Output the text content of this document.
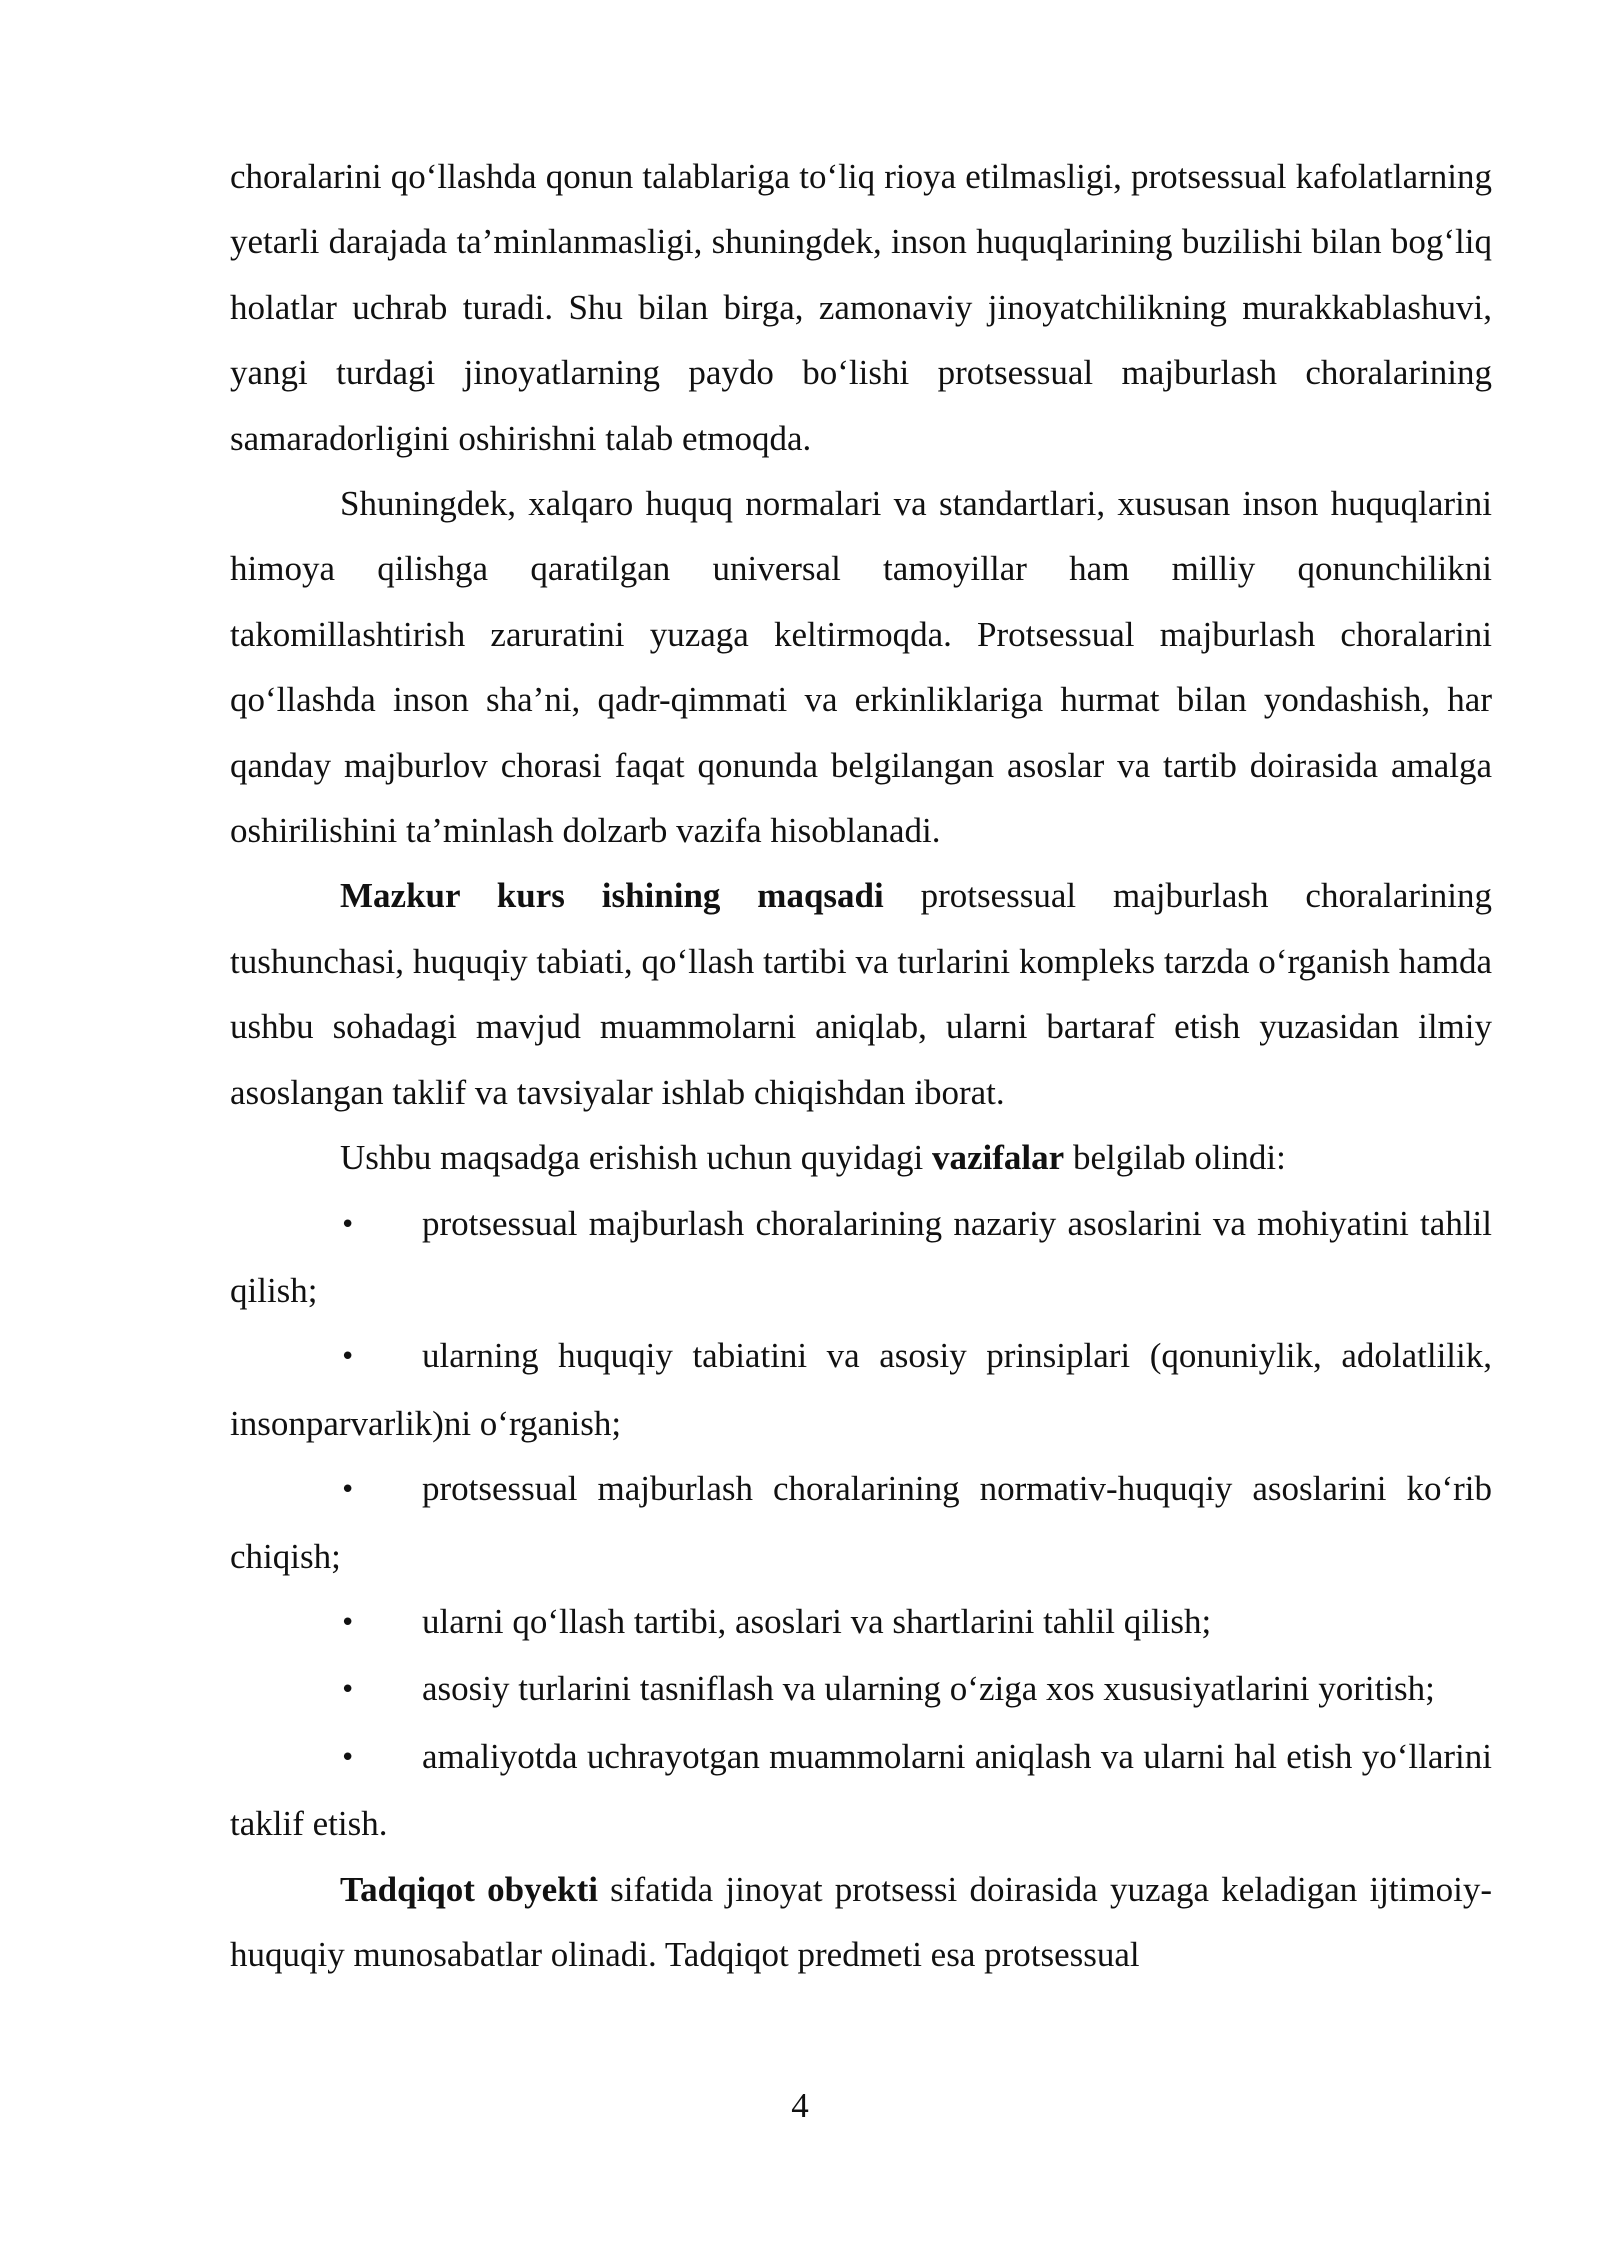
choralarini qo‘llashda qonun talablariga to‘liq rioya etilmasligi, protsessual kafolatlarning yetarli darajada ta’minlanmasligi, shuningdek, inson huquqlarining buzilishi bilan bog‘liq holatlar uchrab turadi. Shu bilan birga, zamonaviy jinoyatchilikning murakkablashuvi, yangi turdagi jinoyatlarning paydo bo‘lishi protsessual majburlash choralarining samaradorligini oshirishni talab etmoqda.

Shuningdek, xalqaro huquq normalari va standartlari, xususan inson huquqlarini himoya qilishga qaratilgan universal tamoyillar ham milliy qonunchilikni takomillashtirish zaruratini yuzaga keltirmoqda. Protsessual majburlash choralarini qo‘llashda inson sha’ni, qadr-qimmati va erkinliklariga hurmat bilan yondashish, har qanday majburlov chorasi faqat qonunda belgilangan asoslar va tartib doirasida amalga oshirilishini ta’minlash dolzarb vazifa hisoblanadi.

Mazkur kurs ishining maqsadi protsessual majburlash choralarining tushunchasi, huquqiy tabiati, qo‘llash tartibi va turlarini kompleks tarzda o‘rganish hamda ushbu sohadagi mavjud muammolarni aniqlab, ularni bartaraf etish yuzasidan ilmiy asoslangan taklif va tavsiyalar ishlab chiqishdan iborat.

Ushbu maqsadga erishish uchun quyidagi vazifalar belgilab olindi:

• protsessual majburlash choralarining nazariy asoslarini va mohiyatini tahlil qilish;

• ularning huquqiy tabiatini va asosiy prinsiplari (qonuniylik, adolatlilik, insonparvarlik)ni o‘rganish;

• protsessual majburlash choralarining normativ-huquqiy asoslarini ko‘rib chiqish;

• ularni qo‘llash tartibi, asoslari va shartlarini tahlil qilish;

• asosiy turlarini tasniflash va ularning o‘ziga xos xususiyatlarini yoritish;

• amaliyotda uchrayotgan muammolarni aniqlash va ularni hal etish yo‘llarini taklif etish.

Tadqiqot obyekti sifatida jinoyat protsessi doirasida yuzaga keladigan ijtimoiy-huquqiy munosabatlar olinadi. Tadqiqot predmeti esa protsessual

4
